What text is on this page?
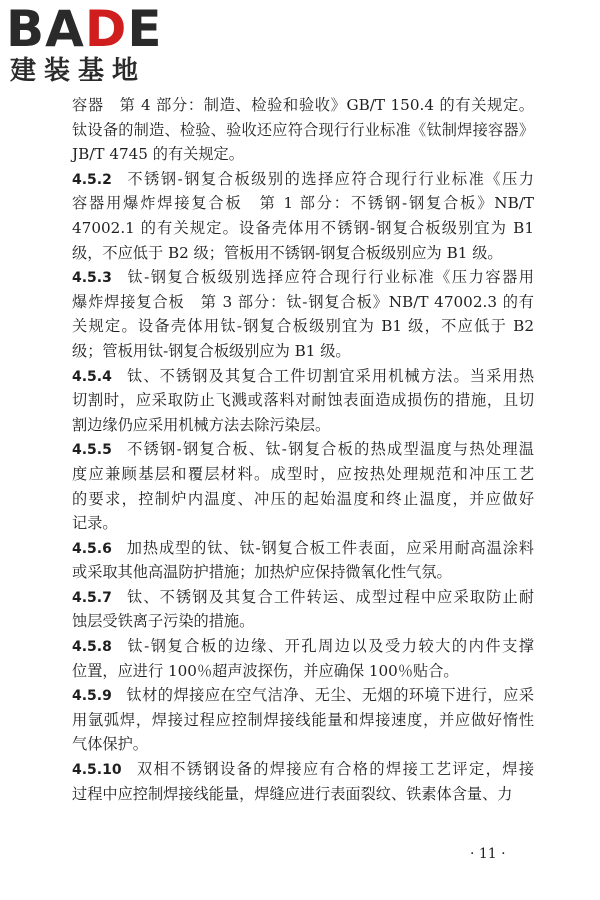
BADE
建装基地
容器　第 4 部分：制造、检验和验收》GB/T 150.4 的有关规定。
钛设备的制造、检验、验收还应符合现行行业标准《钛制焊接容器》
JB/T 4745 的有关规定。
4.5.2 不锈钢-钢复合板级别的选择应符合现行行业标准《压力
容器用爆炸焊接复合板　第 1 部分：不锈钢-钢复合板》NB/T
47002.1 的有关规定。设备壳体用不锈钢-钢复合板级别宜为 B1
级，不应低于 B2 级；管板用不锈钢-钢复合板级别应为 B1 级。
4.5.3 钛-钢复合板级别选择应符合现行行业标准《压力容器用
爆炸焊接复合板　第 3 部分：钛-钢复合板》NB/T 47002.3 的有
关规定。设备壳体用钛-钢复合板级别宜为 B1 级，不应低于 B2
级；管板用钛-钢复合板级别应为 B1 级。
4.5.4 钛、不锈钢及其复合工件切割宜采用机械方法。当采用热
切割时，应采取防止飞溅或落料对耐蚀表面造成损伤的措施，且切
割边缘仍应采用机械方法去除污染层。
4.5.5 不锈钢-钢复合板、钛-钢复合板的热成型温度与热处理温
度应兼顾基层和覆层材料。成型时，应按热处理规范和冲压工艺
的要求，控制炉内温度、冲压的起始温度和终止温度，并应做好
记录。
4.5.6 加热成型的钛、钛-钢复合板工件表面，应采用耐高温涂料
或采取其他高温防护措施；加热炉应保持微氧化性气氛。
4.5.7 钛、不锈钢及其复合工件转运、成型过程中应采取防止耐
蚀层受铁离子污染的措施。
4.5.8 钛-钢复合板的边缘、开孔周边以及受力较大的内件支撑
位置，应进行 100％超声波探伤，并应确保 100％贴合。
4.5.9 钛材的焊接应在空气洁净、无尘、无烟的环境下进行，应采
用氩弧焊，焊接过程应控制焊接线能量和焊接速度，并应做好惰性
气体保护。
4.5.10 双相不锈钢设备的焊接应有合格的焊接工艺评定，焊接
过程中应控制焊接线能量，焊缝应进行表面裂纹、铁素体含量、力
· 11 ·
